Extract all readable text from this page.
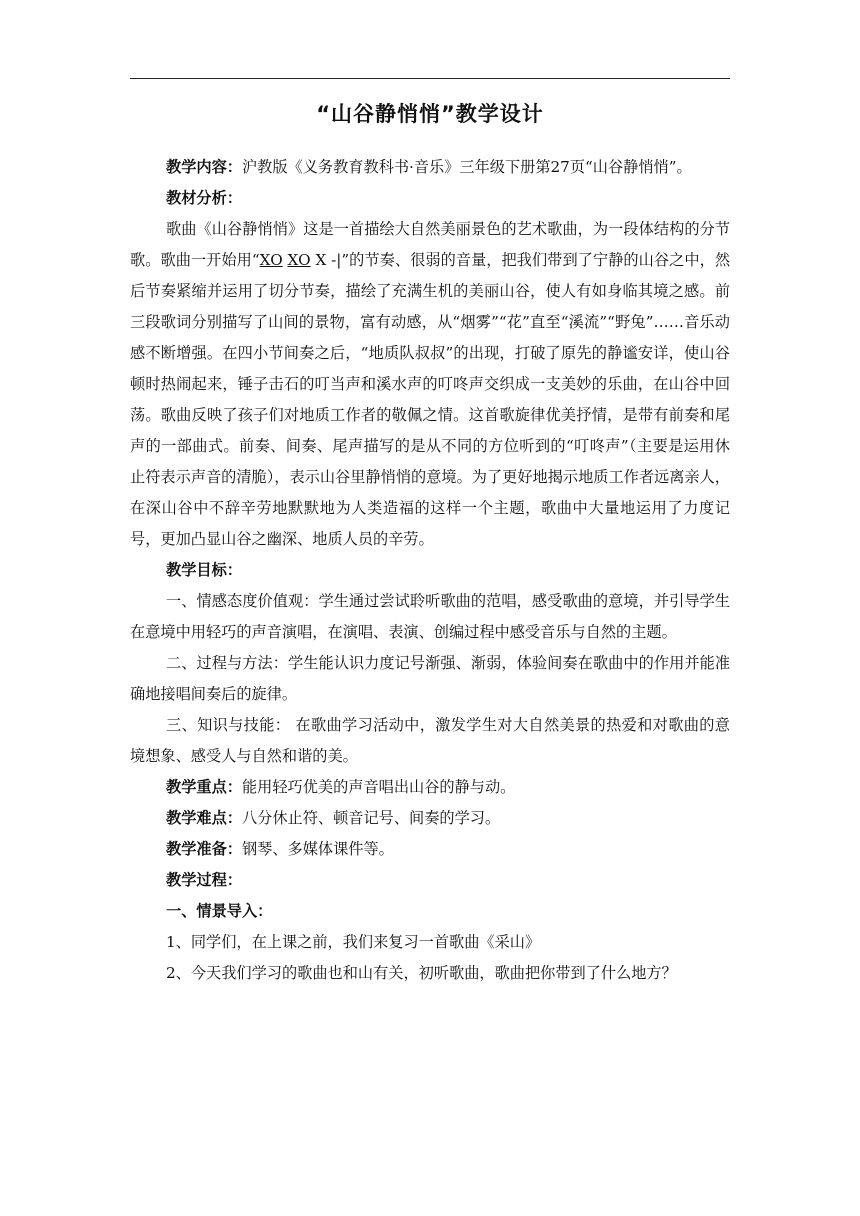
“山谷静悄悄”教学设计

教学内容：沪教版《义务教育教科书·音乐》三年级下册第27页“山谷静悄悄”。

教材分析：

歌曲《山谷静悄悄》这是一首描绘大自然美丽景色的艺术歌曲，为一段体结构的分节歌。歌曲一开始用“XO XO X -|”的节奏、很弱的音量，把我们带到了宁静的山谷之中，然后节奏紧缩并运用了切分节奏，描绘了充满生机的美丽山谷，使人有如身临其境之感。前三段歌词分别描写了山间的景物，富有动感，从“烟雾”“花”直至“溪流”“野兔”……音乐动感不断增强。在四小节间奏之后，“地质队叔叔”的出现，打破了原先的静谧安详，使山谷顿时热闹起来，锤子击石的叮当声和溪水声的叮咚声交织成一支美妙的乐曲，在山谷中回荡。歌曲反映了孩子们对地质工作者的敬佩之情。这首歌旋律优美抒情，是带有前奏和尾声的一部曲式。前奏、间奏、尾声描写的是从不同的方位听到的“叮咚声”（主要是运用休止符表示声音的清脆），表示山谷里静悄悄的意境。为了更好地揭示地质工作者远离亲人，在深山谷中不辞辛劳地默默地为人类造福的这样一个主题，歌曲中大量地运用了力度记号，更加凸显山谷之幽深、地质人员的辛劳。

教学目标：

一、情感态度价值观：学生通过尝试聆听歌曲的范唱，感受歌曲的意境，并引导学生在意境中用轻巧的声音演唱，在演唱、表演、创编过程中感受音乐与自然的主题。

二、过程与方法：学生能认识力度记号渐强、渐弱，体验间奏在歌曲中的作用并能准确地接唱间奏后的旋律。

三、知识与技能： 在歌曲学习活动中，激发学生对大自然美景的热爱和对歌曲的意境想象、感受人与自然和谐的美。

教学重点：能用轻巧优美的声音唱出山谷的静与动。

教学难点：八分休止符、顿音记号、间奏的学习。

教学准备：钢琴、多媒体课件等。

教学过程：

一、情景导入：

1、同学们，在上课之前，我们来复习一首歌曲《采山》

2、今天我们学习的歌曲也和山有关，初听歌曲，歌曲把你带到了什么地方？
